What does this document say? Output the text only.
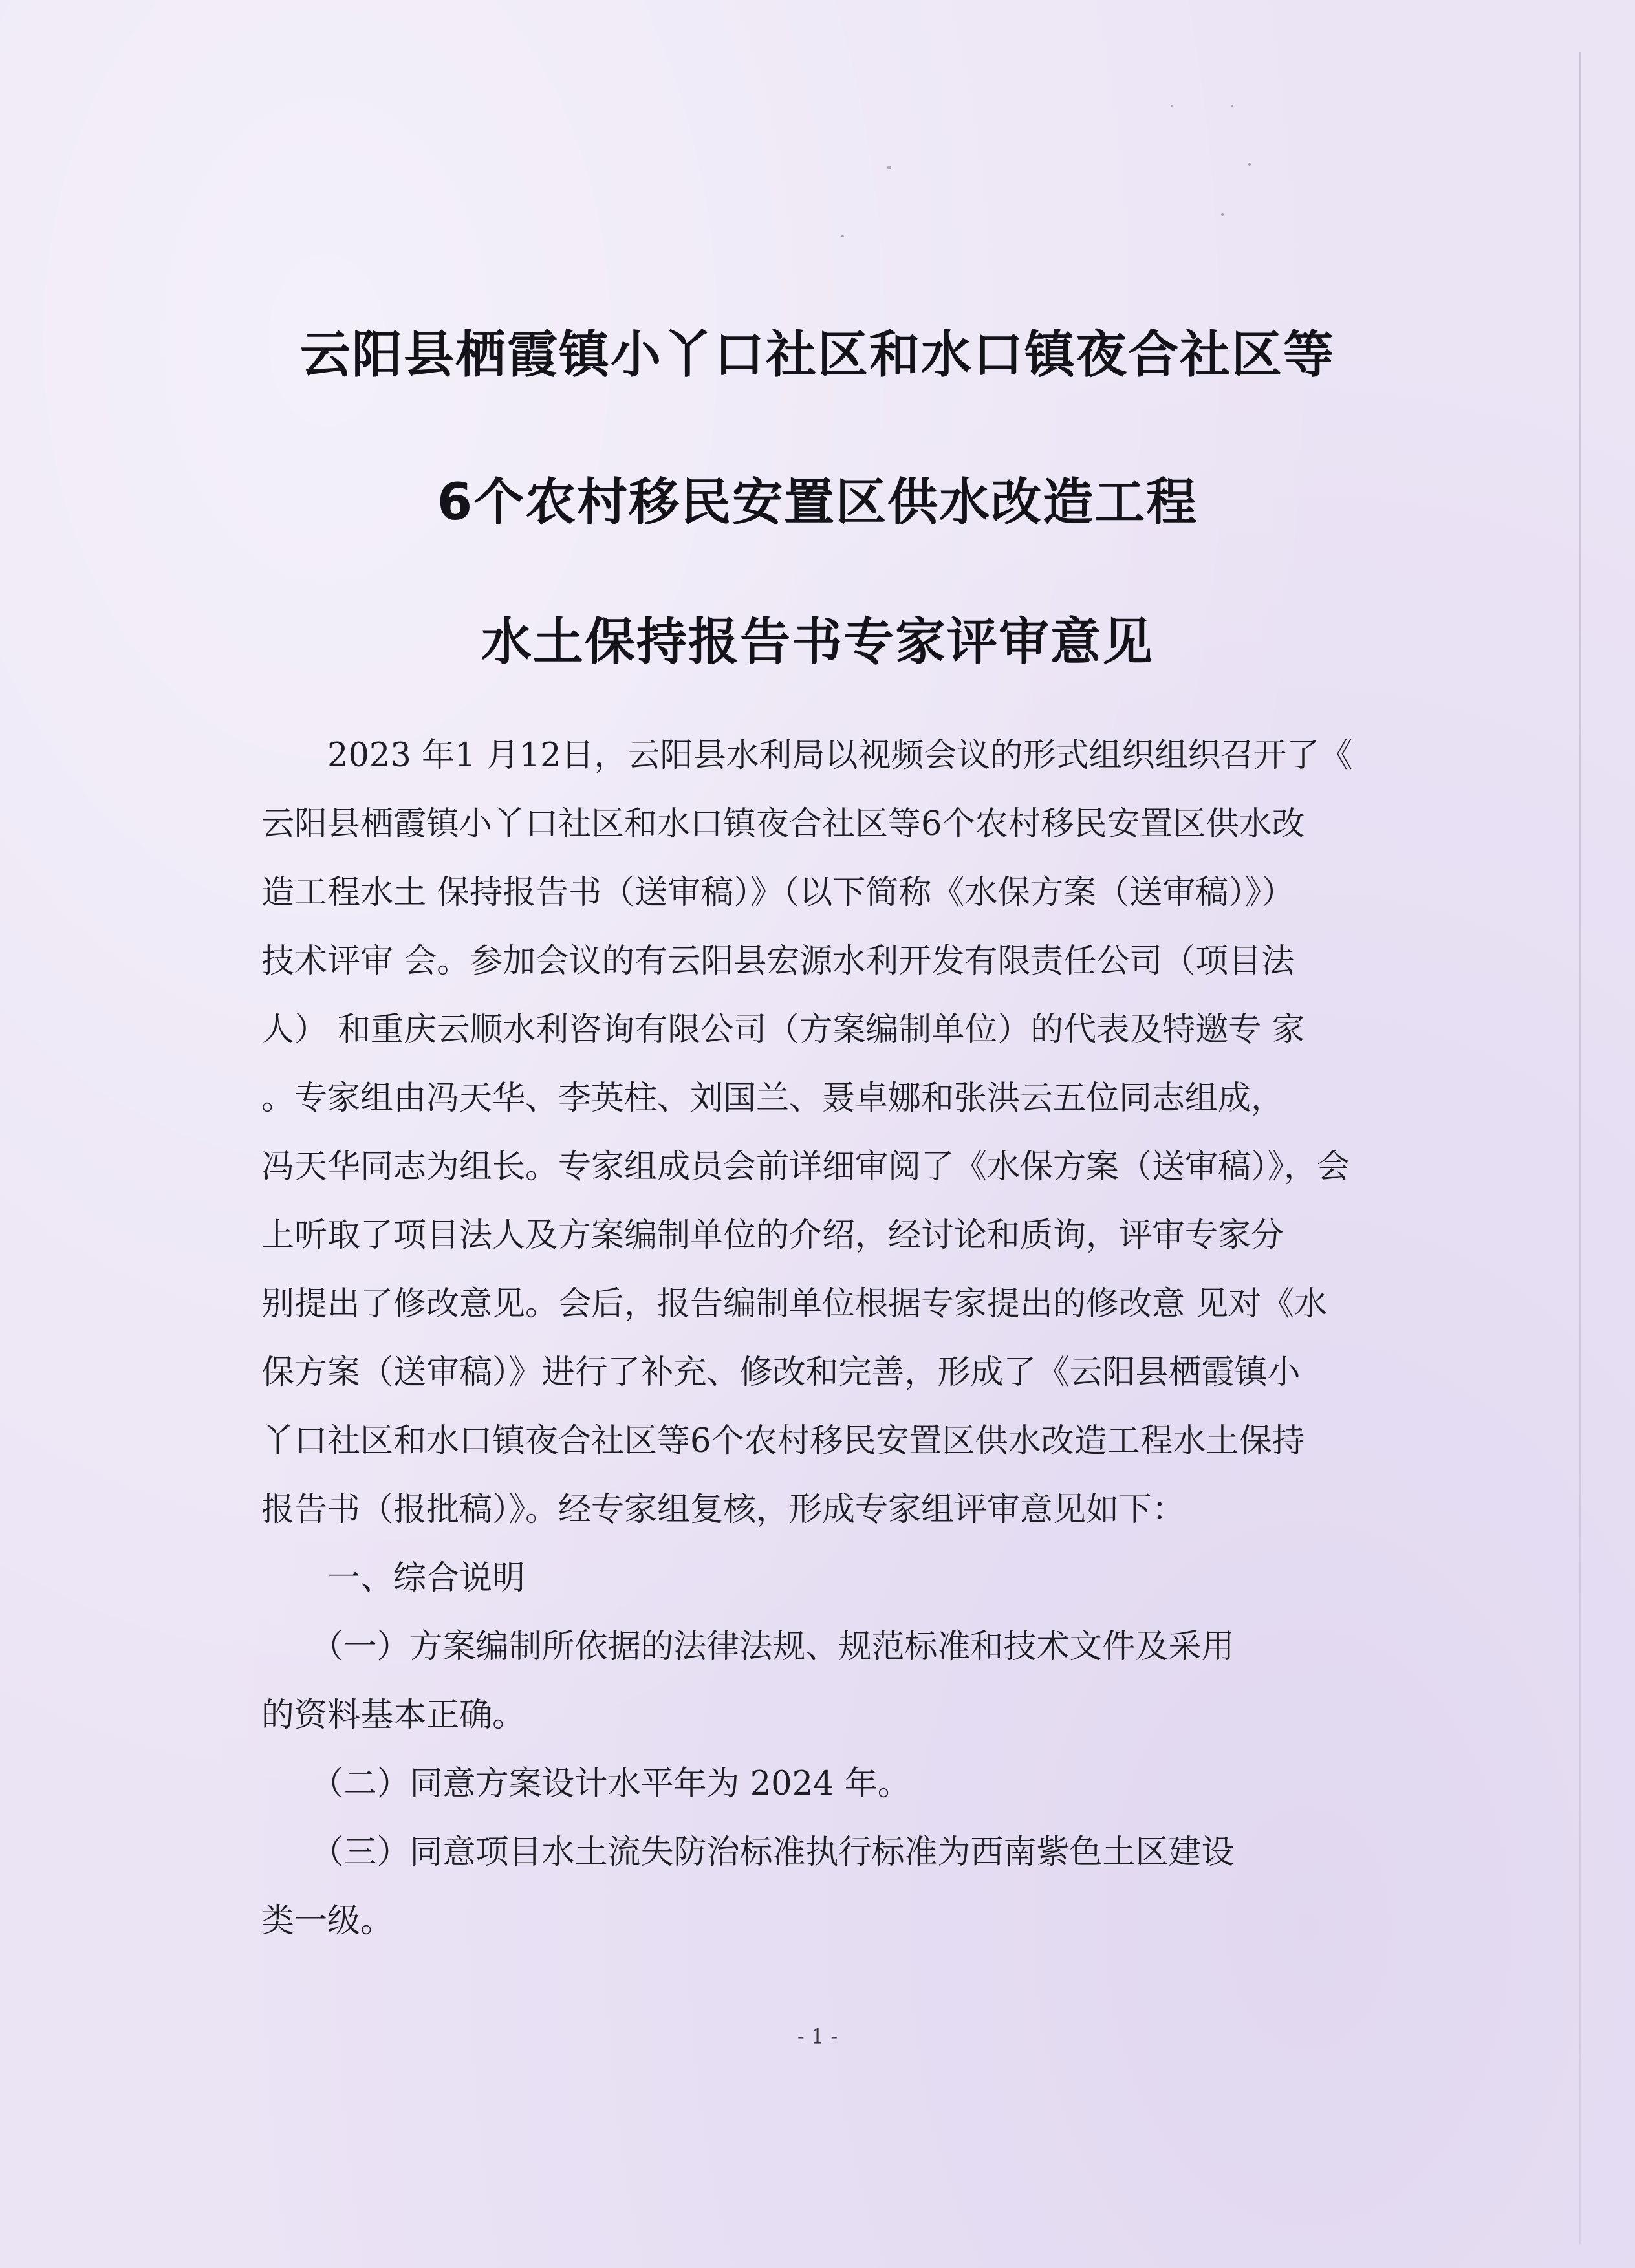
云阳县栖霞镇小丫口社区和水口镇夜合社区等
6个农村移民安置区供水改造工程
水土保持报告书专家评审意见
　　2023 年1 月12日，云阳县水利局以视频会议的形式组织组织召开了《
云阳县栖霞镇小丫口社区和水口镇夜合社区等6个农村移民安置区供水改
造工程水土 保持报告书（送审稿）》（以下简称《水保方案（送审稿）》）
技术评审 会。参加会议的有云阳县宏源水利开发有限责任公司（项目法
人） 和重庆云顺水利咨询有限公司（方案编制单位）的代表及特邀专 家
。专家组由冯天华、李英柱、刘国兰、聂卓娜和张洪云五位同志组成，
冯天华同志为组长。专家组成员会前详细审阅了《水保方案（送审稿）》，会
上听取了项目法人及方案编制单位的介绍，经讨论和质询，评审专家分
别提出了修改意见。会后，报告编制单位根据专家提出的修改意 见对《水
保方案（送审稿）》进行了补充、修改和完善，形成了《云阳县栖霞镇小
丫口社区和水口镇夜合社区等6个农村移民安置区供水改造工程水土保持
报告书（报批稿）》。经专家组复核，形成专家组评审意见如下：
　　一、综合说明
　　（一）方案编制所依据的法律法规、规范标准和技术文件及采用
的资料基本正确。
　　（二）同意方案设计水平年为 2024 年。
　　（三）同意项目水土流失防治标准执行标准为西南紫色土区建设
类一级。
- 1 -
